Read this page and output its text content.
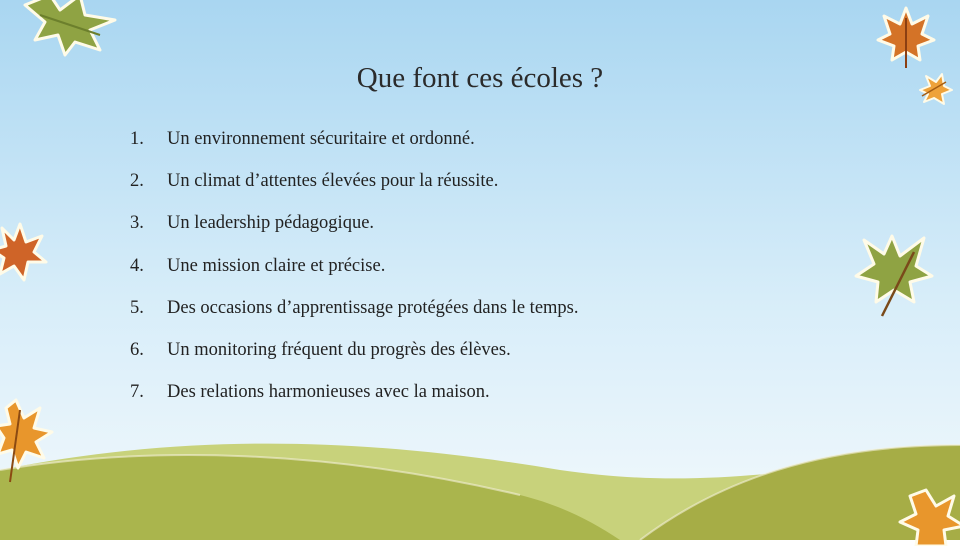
Que font ces écoles ?
1.	Un environnement sécuritaire et ordonné.
2.	Un climat d’attentes élevées pour la réussite.
3.	Un leadership pédagogique.
4.	Une mission claire et précise.
5.	Des occasions d’apprentissage protégées dans le temps.
6.	Un monitoring fréquent du progrès des élèves.
7.	Des relations harmonieuses avec la maison.
